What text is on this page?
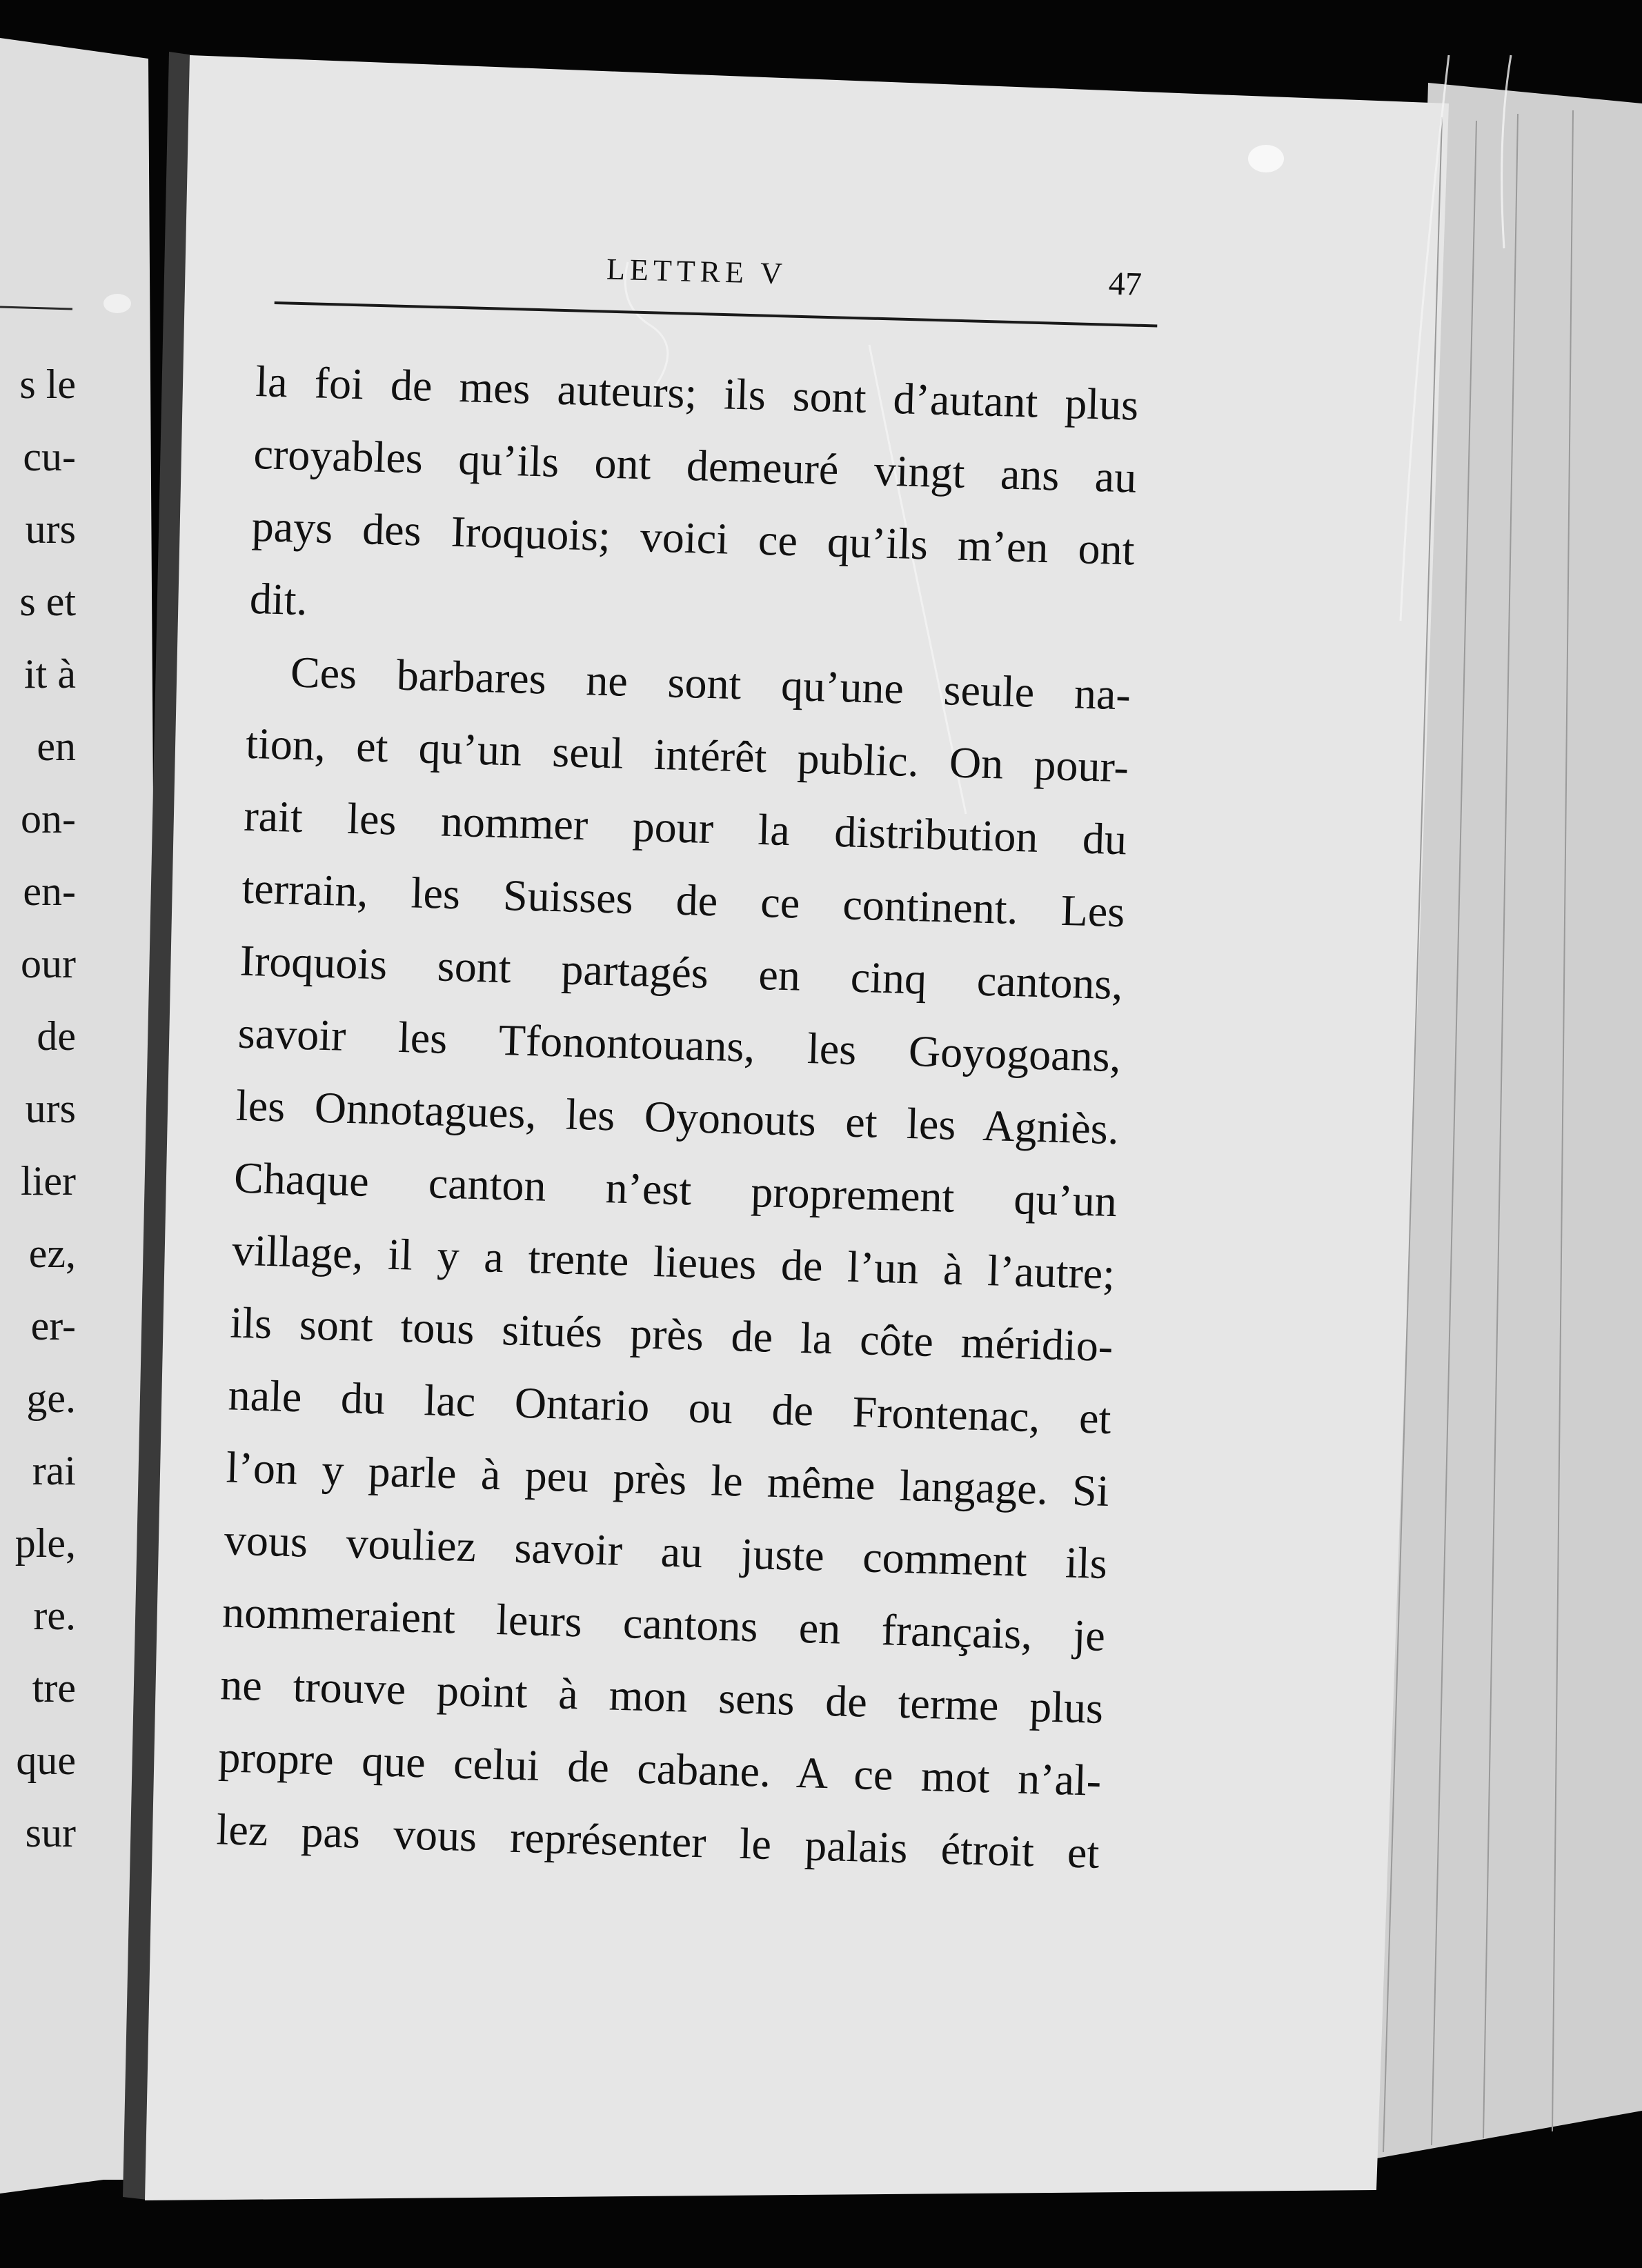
LETTRE V	47
la foi de mes auteurs; ils sont d’autant plus
croyables qu’ils ont demeuré vingt ans au
pays des Iroquois; voici ce qu’ils m’en ont
dit.
Ces barbares ne sont qu’une seule na-
tion, et qu’un seul intérêt public. On pour-
rait les nommer pour la distribution du
terrain, les Suisses de ce continent. Les
Iroquois sont partagés en cinq cantons,
savoir les Tfonontouans, les Goyogoans,
les Onnotagues, les Oyonouts et les Agniès.
Chaque canton n’est proprement qu’un
village, il y a trente lieues de l’un à l’autre;
ils sont tous situés près de la côte méridio-
nale du lac Ontario ou de Frontenac, et
l’on y parle à peu près le même langage. Si
vous vouliez savoir au juste comment ils
nommeraient leurs cantons en français, je
ne trouve point à mon sens de terme plus
propre que celui de cabane. A ce mot n’al-
lez pas vous représenter le palais étroit et
s le
cu-
urs
s et
it à
en
on-
en-
our
de
urs
lier
ez,
er-
ge.
rai
ple,
re.
tre
que
sur
